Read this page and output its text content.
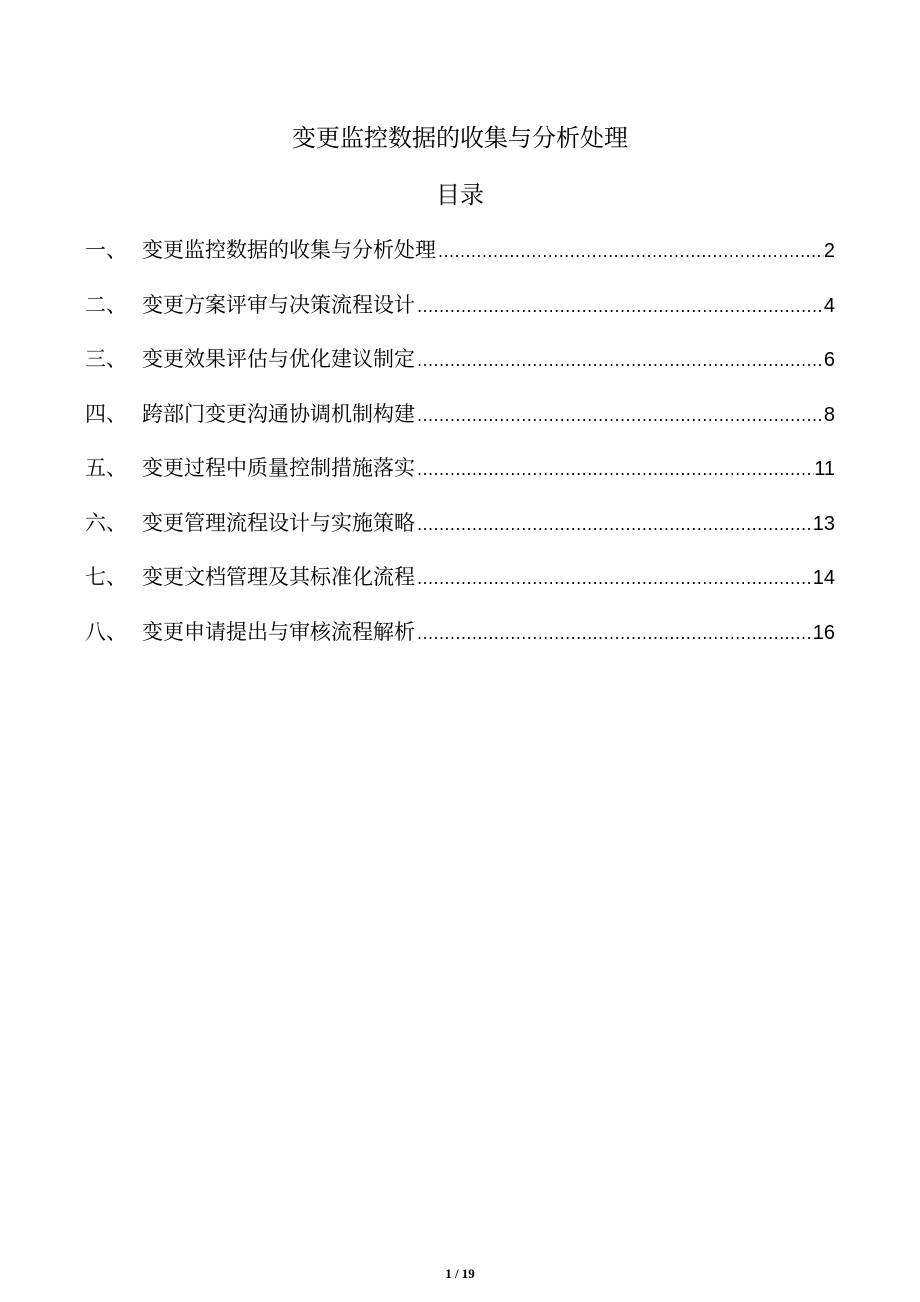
变更监控数据的收集与分析处理
目录
一、 变更监控数据的收集与分析处理 .....	2
二、 变更方案评审与决策流程设计 .....	4
三、 变更效果评估与优化建议制定 .....	6
四、 跨部门变更沟通协调机制构建 .....	8
五、 变更过程中质量控制措施落实 .....	11
六、 变更管理流程设计与实施策略 .....	13
七、 变更文档管理及其标准化流程 .....	14
八、 变更申请提出与审核流程解析 .....	16
1 / 19
